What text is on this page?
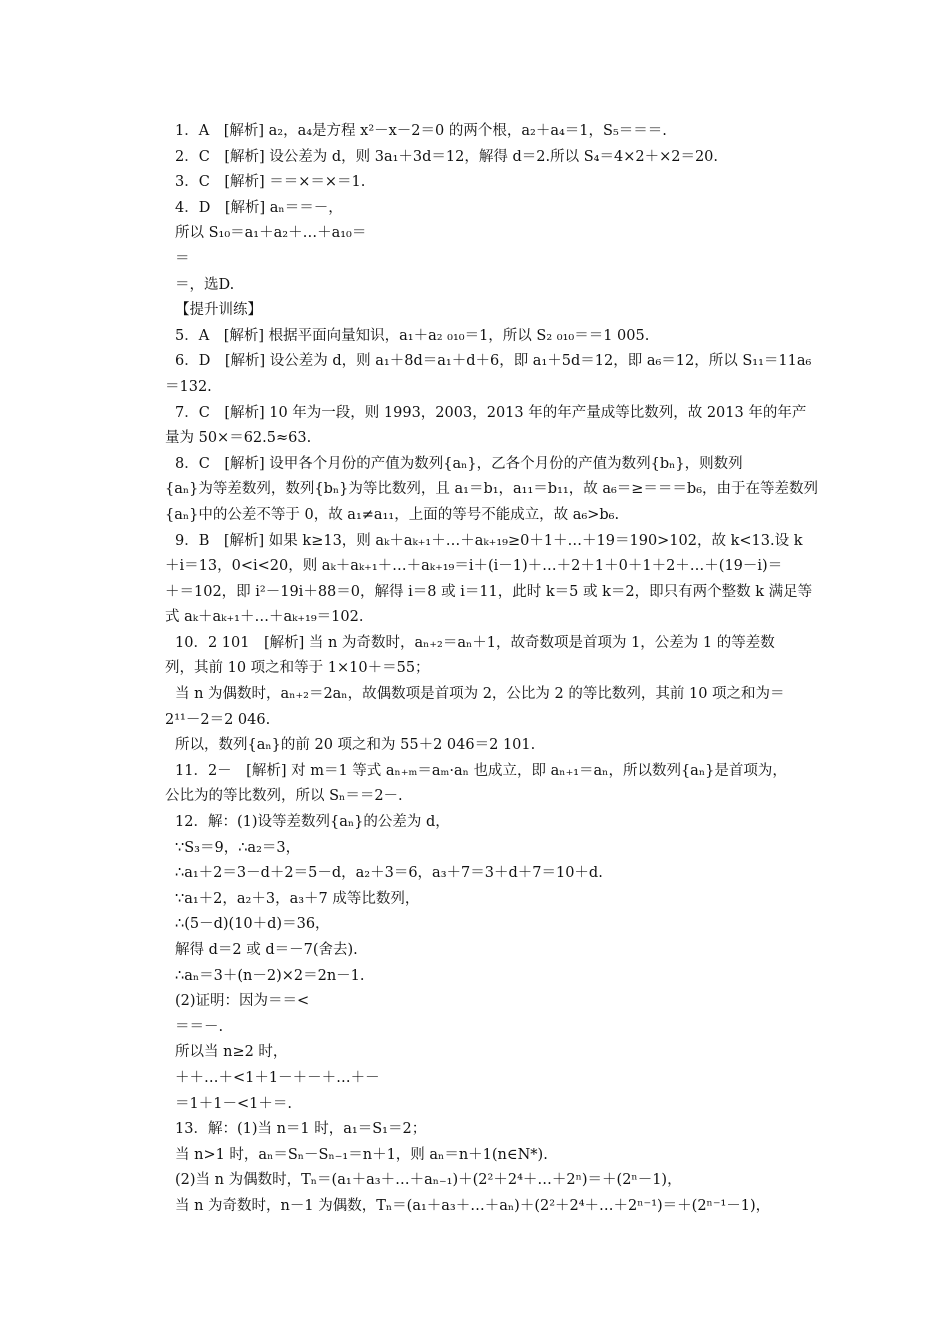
1．A　[解析] a₂，a₄是方程 x²－x－2＝0 的两个根，a₂＋a₄＝1，S₅＝＝＝.
2．C　[解析] 设公差为 d，则 3a₁＋3d＝12，解得 d＝2.所以 S₄＝4×2＋×2＝20.
3．C　[解析] ＝＝×＝×＝1.
4．D　[解析] aₙ＝＝－，
所以 S₁₀＝a₁＋a₂＋…＋a₁₀＝
＝
＝，选D.
【提升训练】
5．A　[解析] 根据平面向量知识，a₁＋a₂ ₀₁₀＝1，所以 S₂ ₀₁₀＝＝1 005.
6．D　[解析] 设公差为 d，则 a₁＋8d＝a₁＋d＋6，即 a₁＋5d＝12，即 a₆＝12，所以 S₁₁＝11a₆
＝132.
7．C　[解析] 10 年为一段，则 1993，2003，2013 年的年产量成等比数列，故 2013 年的年产
量为 50×＝62.5≈63.
8．C　[解析] 设甲各个月份的产值为数列{aₙ}，乙各个月份的产值为数列{bₙ}，则数列
{aₙ}为等差数列，数列{bₙ}为等比数列，且 a₁＝b₁，a₁₁＝b₁₁，故 a₆＝≥＝＝＝b₆，由于在等差数列
{aₙ}中的公差不等于 0，故 a₁≠a₁₁，上面的等号不能成立，故 a₆>b₆.
9．B　[解析] 如果 k≥13，则 aₖ＋aₖ₊₁＋…＋aₖ₊₁₉≥0＋1＋…＋19＝190>102，故 k<13.设 k
＋i＝13，0<i<20，则 aₖ＋aₖ₊₁＋…＋aₖ₊₁₉＝i＋(i－1)＋…＋2＋1＋0＋1＋2＋…＋(19－i)＝
＋＝102，即 i²－19i＋88＝0，解得 i＝8 或 i＝11，此时 k＝5 或 k＝2，即只有两个整数 k 满足等
式 aₖ＋aₖ₊₁＋…＋aₖ₊₁₉＝102.
10．2 101　[解析] 当 n 为奇数时，aₙ₊₂＝aₙ＋1，故奇数项是首项为 1，公差为 1 的等差数
列，其前 10 项之和等于 1×10＋＝55；
当 n 为偶数时，aₙ₊₂＝2aₙ，故偶数项是首项为 2，公比为 2 的等比数列，其前 10 项之和为＝
2¹¹－2＝2 046.
所以，数列{aₙ}的前 20 项之和为 55＋2 046＝2 101.
11．2－　[解析] 对 m＝1 等式 aₙ₊ₘ＝aₘ·aₙ 也成立，即 aₙ₊₁＝aₙ，所以数列{aₙ}是首项为，
公比为的等比数列，所以 Sₙ＝＝2－.
12．解：(1)设等差数列{aₙ}的公差为 d，
∵S₃＝9，∴a₂＝3，
∴a₁＋2＝3－d＋2＝5－d，a₂＋3＝6，a₃＋7＝3＋d＋7＝10＋d.
∵a₁＋2，a₂＋3，a₃＋7 成等比数列，
∴(5－d)(10＋d)＝36，
解得 d＝2 或 d＝－7(舍去).
∴aₙ＝3＋(n－2)×2＝2n－1.
(2)证明：因为＝＝<
＝＝－.
所以当 n≥2 时，
＋＋…＋<1＋1－＋－＋…＋－
＝1＋1－<1＋＝.
13．解：(1)当 n＝1 时，a₁＝S₁＝2；
当 n>1 时，aₙ＝Sₙ－Sₙ₋₁＝n＋1，则 aₙ＝n＋1(n∈N*).
(2)当 n 为偶数时，Tₙ＝(a₁＋a₃＋…＋aₙ₋₁)＋(2²＋2⁴＋…＋2ⁿ)＝＋(2ⁿ－1)，
当 n 为奇数时，n－1 为偶数，Tₙ＝(a₁＋a₃＋…＋aₙ)＋(2²＋2⁴＋…＋2ⁿ⁻¹)＝＋(2ⁿ⁻¹－1)，
